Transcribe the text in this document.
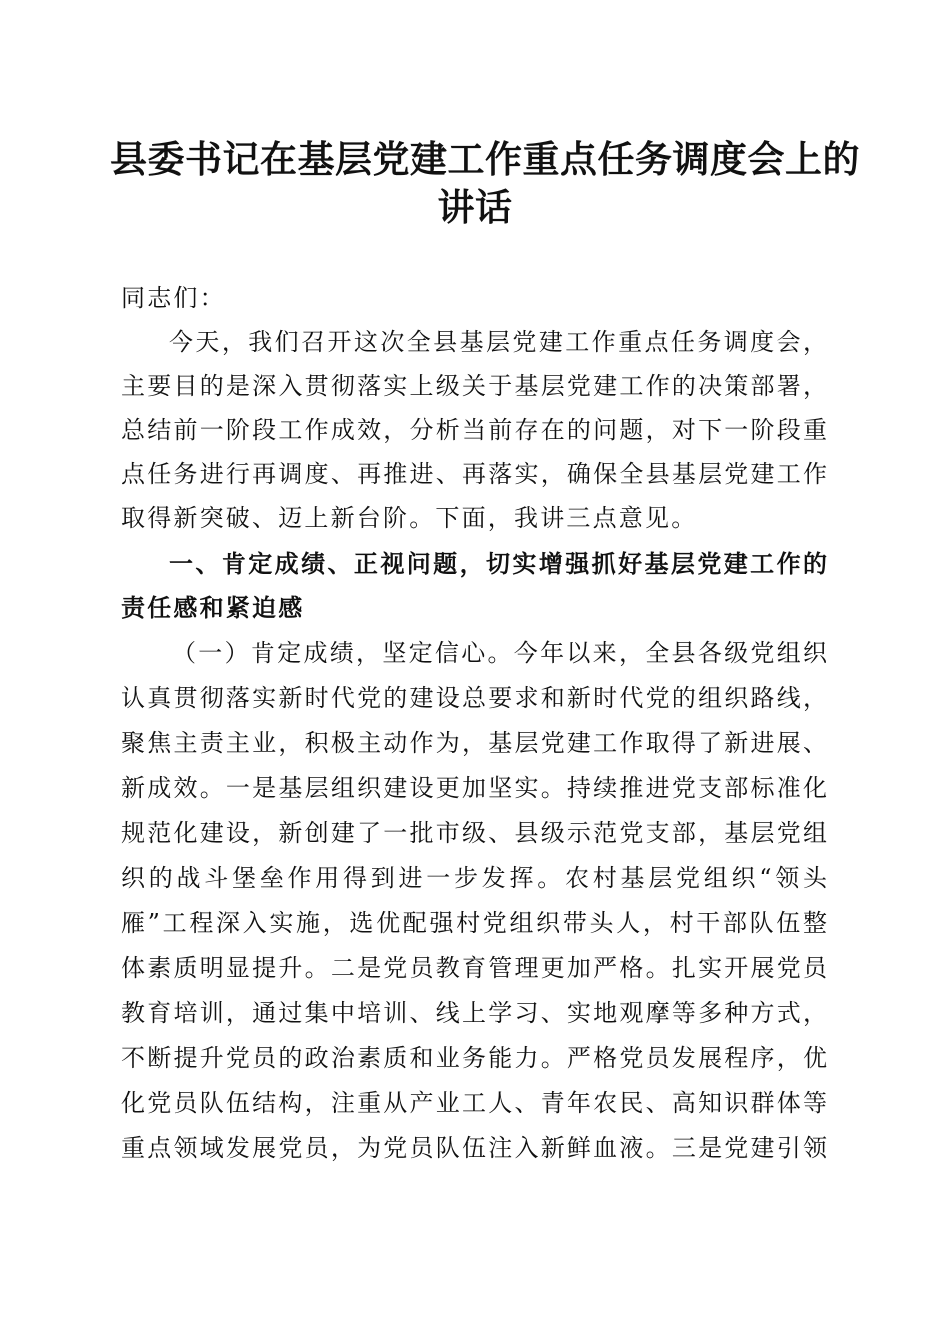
县委书记在基层党建工作重点任务调度会上的
讲话
同志们：
今天，我们召开这次全县基层党建工作重点任务调度会，
主要目的是深入贯彻落实上级关于基层党建工作的决策部署，
总结前一阶段工作成效，分析当前存在的问题，对下一阶段重
点任务进行再调度、再推进、再落实，确保全县基层党建工作
取得新突破、迈上新台阶。下面，我讲三点意见。
一、肯定成绩、正视问题，切实增强抓好基层党建工作的
责任感和紧迫感
（一）肯定成绩，坚定信心。今年以来，全县各级党组织
认真贯彻落实新时代党的建设总要求和新时代党的组织路线，
聚焦主责主业，积极主动作为，基层党建工作取得了新进展、
新成效。一是基层组织建设更加坚实。持续推进党支部标准化
规范化建设，新创建了一批市级、县级示范党支部，基层党组
织的战斗堡垒作用得到进一步发挥。农村基层党组织“领头
雁”工程深入实施，选优配强村党组织带头人，村干部队伍整
体素质明显提升。二是党员教育管理更加严格。扎实开展党员
教育培训，通过集中培训、线上学习、实地观摩等多种方式，
不断提升党员的政治素质和业务能力。严格党员发展程序，优
化党员队伍结构，注重从产业工人、青年农民、高知识群体等
重点领域发展党员，为党员队伍注入新鲜血液。三是党建引领
